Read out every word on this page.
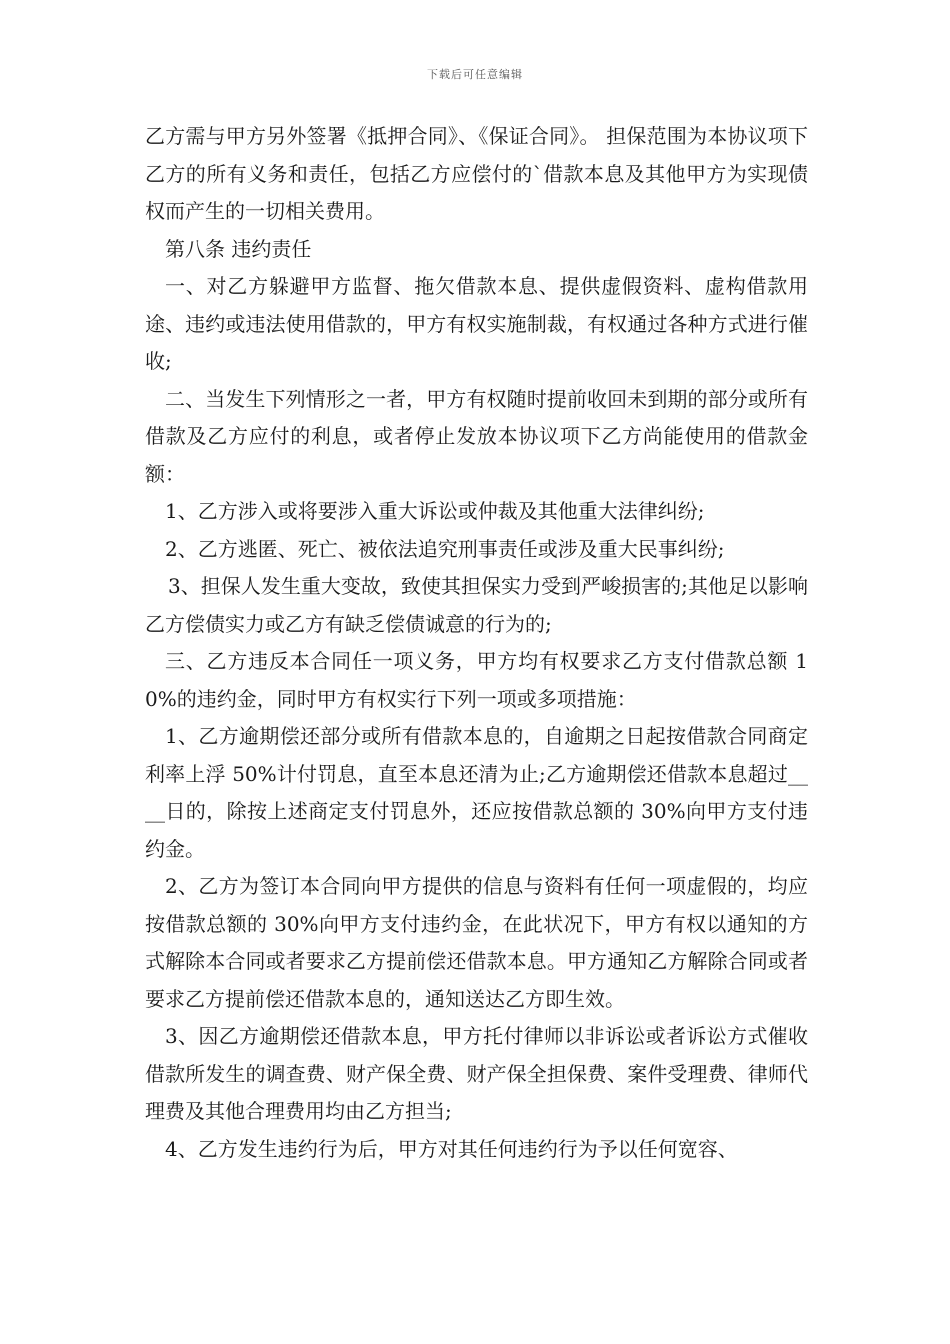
下载后可任意编辑

乙方需与甲方另外签署《抵押合同》、《保证合同》。 担保范围为本协议项下乙方的所有义务和责任，包括乙方应偿付的`借款本息及其他甲方为实现债权而产生的一切相关费用。

第八条 违约责任

一、对乙方躲避甲方监督、拖欠借款本息、提供虚假资料、虚构借款用途、违约或违法使用借款的，甲方有权实施制裁，有权通过各种方式进行催收;

二、当发生下列情形之一者，甲方有权随时提前收回未到期的部分或所有借款及乙方应付的利息，或者停止发放本协议项下乙方尚能使用的借款金额：

1、乙方涉入或将要涉入重大诉讼或仲裁及其他重大法律纠纷;

2、乙方逃匿、死亡、被依法追究刑事责任或涉及重大民事纠纷;

3、担保人发生重大变故，致使其担保实力受到严峻损害的;其他足以影响乙方偿债实力或乙方有缺乏偿债诚意的行为的;

三、乙方违反本合同任一项义务，甲方均有权要求乙方支付借款总额 10%的违约金，同时甲方有权实行下列一项或多项措施：

1、乙方逾期偿还部分或所有借款本息的，自逾期之日起按借款合同商定利率上浮 50%计付罚息，直至本息还清为止;乙方逾期偿还借款本息超过____日的，除按上述商定支付罚息外，还应按借款总额的 30%向甲方支付违约金。

2、乙方为签订本合同向甲方提供的信息与资料有任何一项虚假的，均应按借款总额的 30%向甲方支付违约金，在此状况下，甲方有权以通知的方式解除本合同或者要求乙方提前偿还借款本息。甲方通知乙方解除合同或者要求乙方提前偿还借款本息的，通知送达乙方即生效。

3、因乙方逾期偿还借款本息，甲方托付律师以非诉讼或者诉讼方式催收借款所发生的调查费、财产保全费、财产保全担保费、案件受理费、律师代理费及其他合理费用均由乙方担当;

4、乙方发生违约行为后，甲方对其任何违约行为予以任何宽容、
